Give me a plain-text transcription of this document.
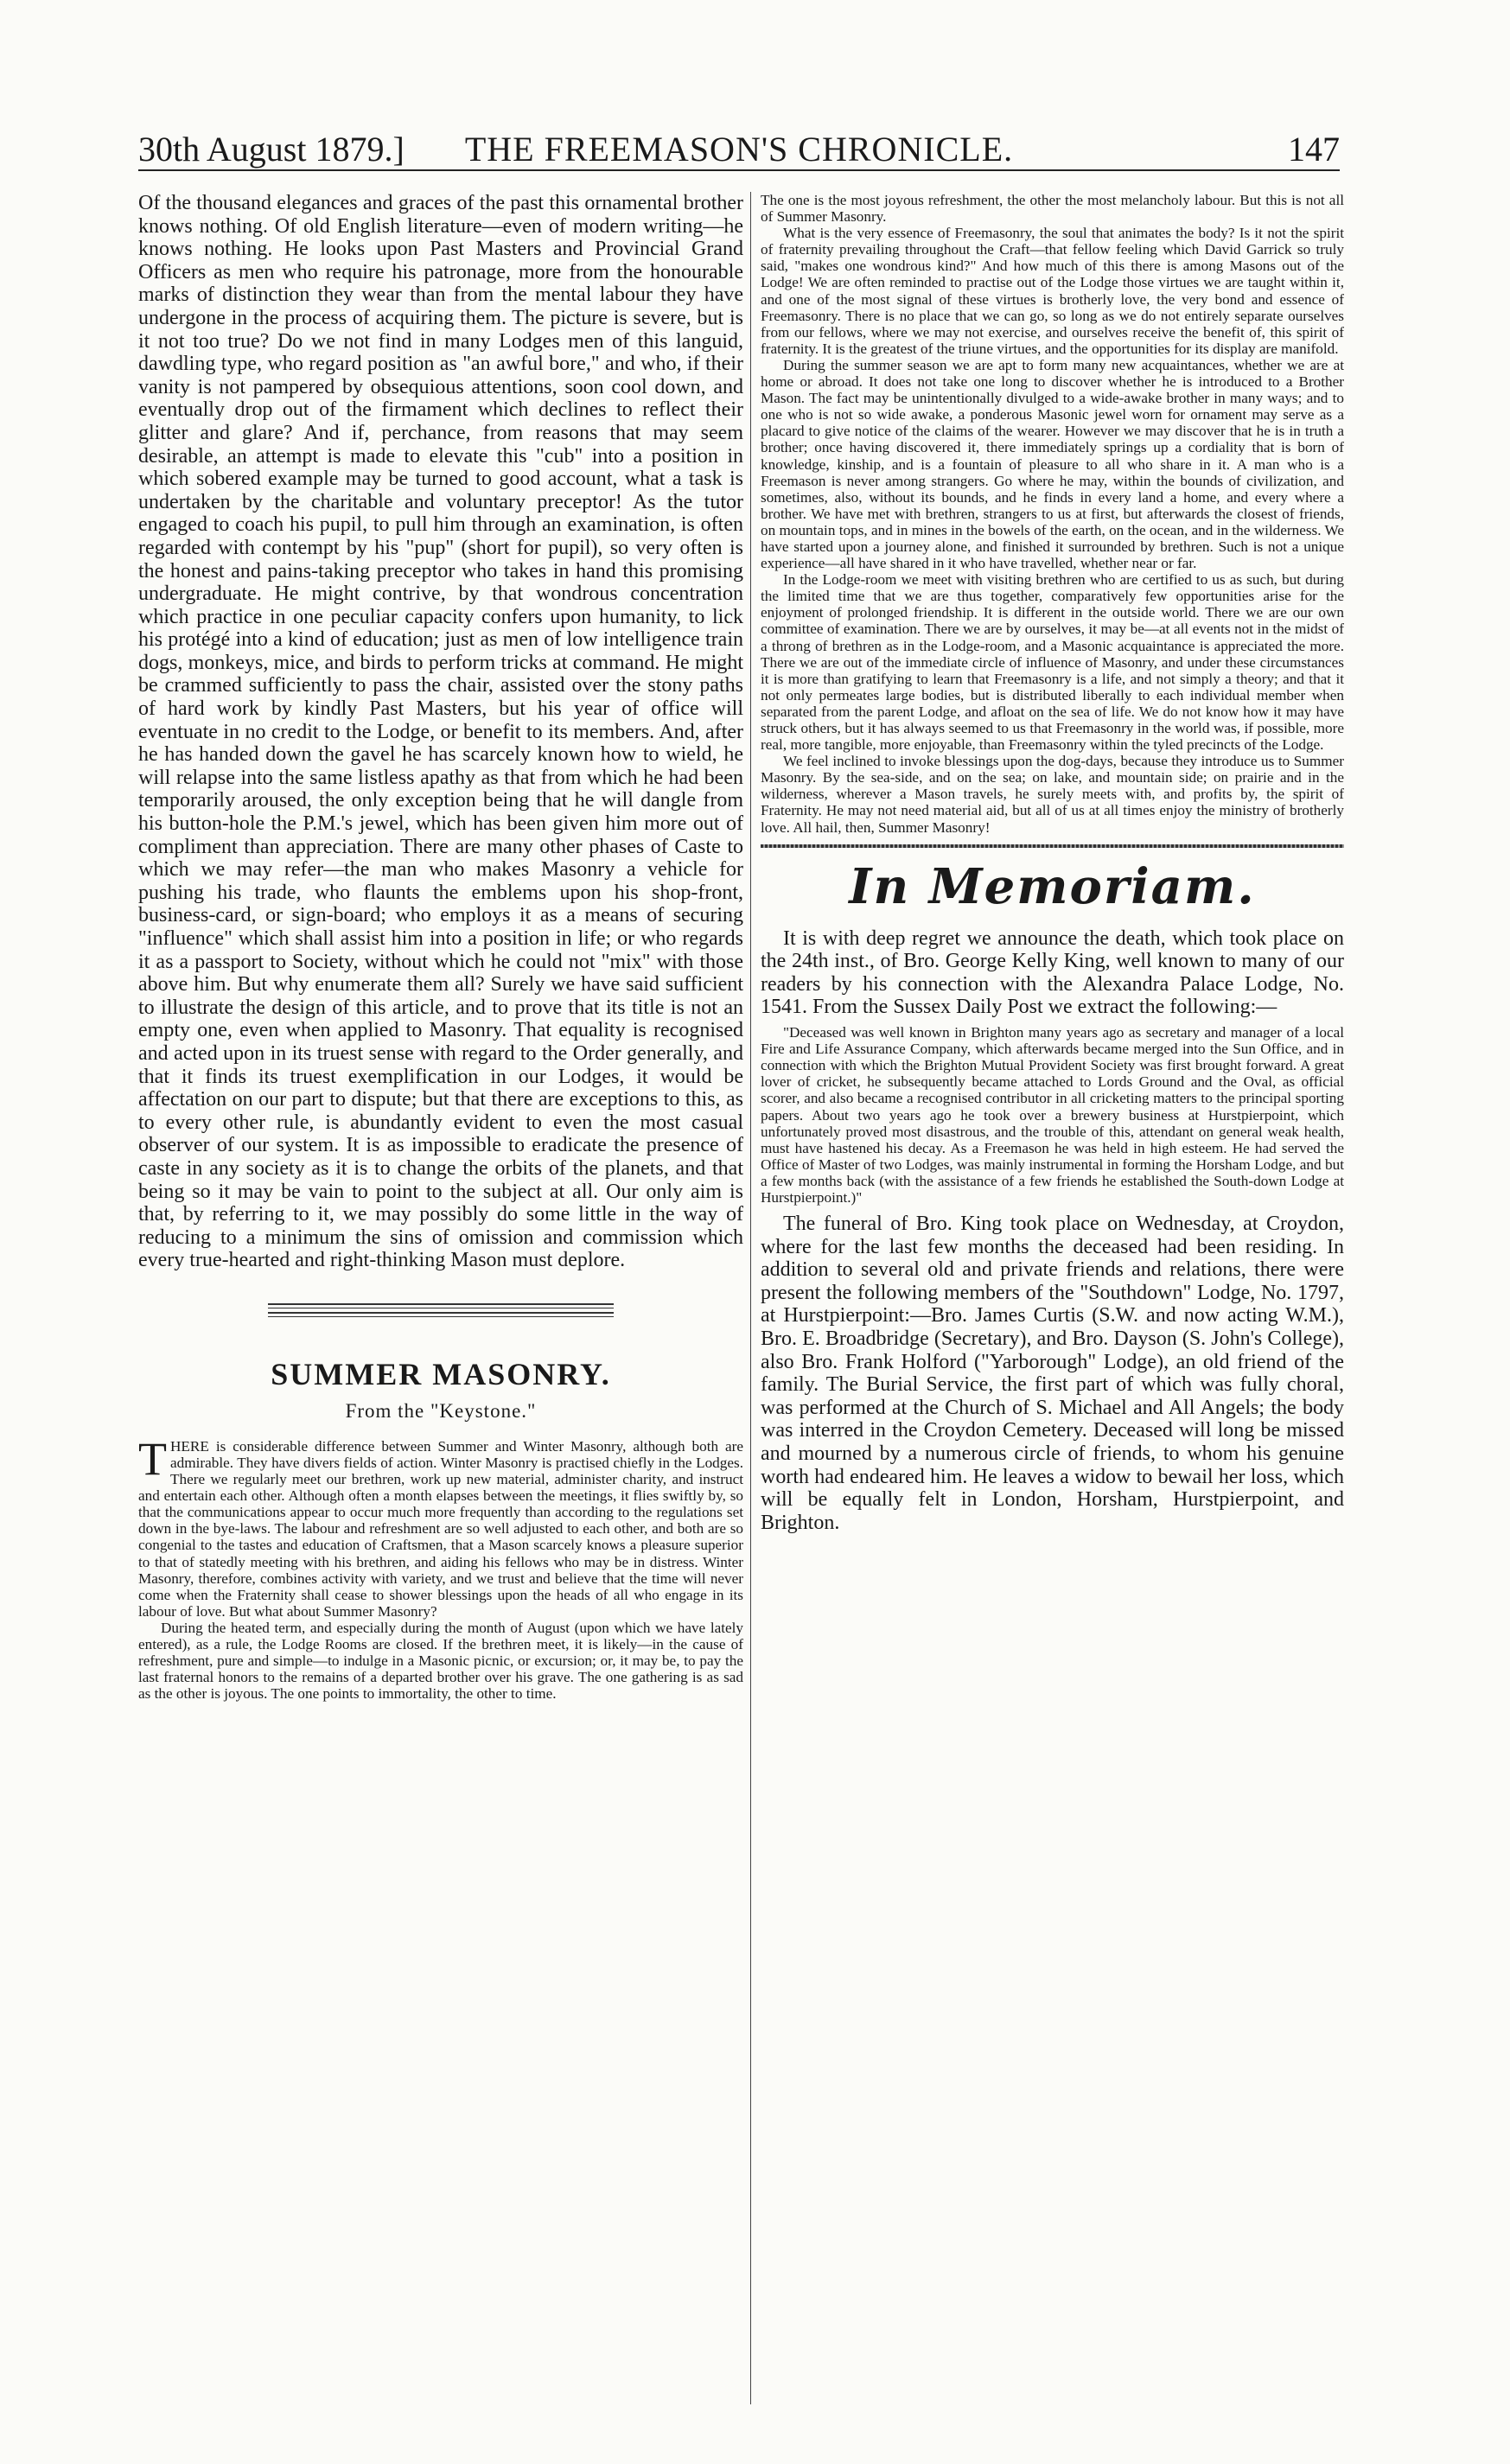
30th August 1879.]	THE FREEMASON'S CHRONICLE.	147

Of the thousand elegances and graces of the past this ornamental brother knows nothing. Of old English literature—even of modern writing—he knows nothing. He looks upon Past Masters and Provincial Grand Officers as men who require his patronage, more from the honourable marks of distinction they wear than from the mental labour they have undergone in the process of acquiring them. The picture is severe, but is it not too true? Do we not find in many Lodges men of this languid, dawdling type, who regard position as "an awful bore," and who, if their vanity is not pampered by obsequious attentions, soon cool down, and eventually drop out of the firmament which declines to reflect their glitter and glare? And if, perchance, from reasons that may seem desirable, an attempt is made to elevate this "cub" into a position in which sobered example may be turned to good account, what a task is undertaken by the charitable and voluntary preceptor! As the tutor engaged to coach his pupil, to pull him through an examination, is often regarded with contempt by his "pup" (short for pupil), so very often is the honest and pains-taking preceptor who takes in hand this promising undergraduate. He might contrive, by that wondrous concentration which practice in one peculiar capacity confers upon humanity, to lick his protégé into a kind of education; just as men of low intelligence train dogs, monkeys, mice, and birds to perform tricks at command. He might be crammed sufficiently to pass the chair, assisted over the stony paths of hard work by kindly Past Masters, but his year of office will eventuate in no credit to the Lodge, or benefit to its members. And, after he has handed down the gavel he has scarcely known how to wield, he will relapse into the same listless apathy as that from which he had been temporarily aroused, the only exception being that he will dangle from his button-hole the P.M.'s jewel, which has been given him more out of compliment than appreciation. There are many other phases of Caste to which we may refer—the man who makes Masonry a vehicle for pushing his trade, who flaunts the emblems upon his shop-front, business-card, or sign-board; who employs it as a means of securing "influence" which shall assist him into a position in life; or who regards it as a passport to Society, without which he could not "mix" with those above him. But why enumerate them all? Surely we have said sufficient to illustrate the design of this article, and to prove that its title is not an empty one, even when applied to Masonry. That equality is recognised and acted upon in its truest sense with regard to the Order generally, and that it finds its truest exemplification in our Lodges, it would be affectation on our part to dispute; but that there are exceptions to this, as to every other rule, is abundantly evident to even the most casual observer of our system. It is as impossible to eradicate the presence of caste in any society as it is to change the orbits of the planets, and that being so it may be vain to point to the subject at all. Our only aim is that, by referring to it, we may possibly do some little in the way of reducing to a minimum the sins of omission and commission which every true-hearted and right-thinking Mason must deplore.

SUMMER MASONRY.
From the "Keystone."

THERE is considerable difference between Summer and Winter Masonry, although both are admirable. They have divers fields of action. Winter Masonry is practised chiefly in the Lodges. There we regularly meet our brethren, work up new material, administer charity, and instruct and entertain each other. Although often a month elapses between the meetings, it flies swiftly by, so that the communications appear to occur much more frequently than according to the regulations set down in the bye-laws. The labour and refreshment are so well adjusted to each other, and both are so congenial to the tastes and education of Craftsmen, that a Mason scarcely knows a pleasure superior to that of statedly meeting with his brethren, and aiding his fellows who may be in distress. Winter Masonry, therefore, combines activity with variety, and we trust and believe that the time will never come when the Fraternity shall cease to shower blessings upon the heads of all who engage in its labour of love. But what about Summer Masonry?

During the heated term, and especially during the month of August (upon which we have lately entered), as a rule, the Lodge Rooms are closed. If the brethren meet, it is likely—in the cause of refreshment, pure and simple—to indulge in a Masonic picnic, or excursion; or, it may be, to pay the last fraternal honors to the remains of a departed brother over his grave. The one gathering is as sad as the other is joyous. The one points to immortality, the other to time.

The one is the most joyous refreshment, the other the most melancholy labour. But this is not all of Summer Masonry.

What is the very essence of Freemasonry, the soul that animates the body? Is it not the spirit of fraternity prevailing throughout the Craft—that fellow feeling which David Garrick so truly said, "makes one wondrous kind?" And how much of this there is among Masons out of the Lodge! We are often reminded to practise out of the Lodge those virtues we are taught within it, and one of the most signal of these virtues is brotherly love, the very bond and essence of Freemasonry. There is no place that we can go, so long as we do not entirely separate ourselves from our fellows, where we may not exercise, and ourselves receive the benefit of, this spirit of fraternity. It is the greatest of the triune virtues, and the opportunities for its display are manifold.

During the summer season we are apt to form many new acquaintances, whether we are at home or abroad. It does not take one long to discover whether he is introduced to a Brother Mason. The fact may be unintentionally divulged to a wide-awake brother in many ways; and to one who is not so wide awake, a ponderous Masonic jewel worn for ornament may serve as a placard to give notice of the claims of the wearer. However we may discover that he is in truth a brother; once having discovered it, there immediately springs up a cordiality that is born of knowledge, kinship, and is a fountain of pleasure to all who share in it. A man who is a Freemason is never among strangers. Go where he may, within the bounds of civilization, and sometimes, also, without its bounds, and he finds in every land a home, and every where a brother. We have met with brethren, strangers to us at first, but afterwards the closest of friends, on mountain tops, and in mines in the bowels of the earth, on the ocean, and in the wilderness. We have started upon a journey alone, and finished it surrounded by brethren. Such is not a unique experience—all have shared in it who have travelled, whether near or far.

In the Lodge-room we meet with visiting brethren who are certified to us as such, but during the limited time that we are thus together, comparatively few opportunities arise for the enjoyment of prolonged friendship. It is different in the outside world. There we are our own committee of examination. There we are by ourselves, it may be—at all events not in the midst of a throng of brethren as in the Lodge-room, and a Masonic acquaintance is appreciated the more. There we are out of the immediate circle of influence of Masonry, and under these circumstances it is more than gratifying to learn that Freemasonry is a life, and not simply a theory; and that it not only permeates large bodies, but is distributed liberally to each individual member when separated from the parent Lodge, and afloat on the sea of life. We do not know how it may have struck others, but it has always seemed to us that Freemasonry in the world was, if possible, more real, more tangible, more enjoyable, than Freemasonry within the tyled precincts of the Lodge.

We feel inclined to invoke blessings upon the dog-days, because they introduce us to Summer Masonry. By the sea-side, and on the sea; on lake, and mountain side; on prairie and in the wilderness, wherever a Mason travels, he surely meets with, and profits by, the spirit of Fraternity. He may not need material aid, but all of us at all times enjoy the ministry of brotherly love. All hail, then, Summer Masonry!

In Memoriam.

It is with deep regret we announce the death, which took place on the 24th inst., of Bro. George Kelly King, well known to many of our readers by his connection with the Alexandra Palace Lodge, No. 1541. From the Sussex Daily Post we extract the following:—

"Deceased was well known in Brighton many years ago as secretary and manager of a local Fire and Life Assurance Company, which afterwards became merged into the Sun Office, and in connection with which the Brighton Mutual Provident Society was first brought forward. A great lover of cricket, he subsequently became attached to Lords Ground and the Oval, as official scorer, and also became a recognised contributor in all cricketing matters to the principal sporting papers. About two years ago he took over a brewery business at Hurstpierpoint, which unfortunately proved most disastrous, and the trouble of this, attendant on general weak health, must have hastened his decay. As a Freemason he was held in high esteem. He had served the Office of Master of two Lodges, was mainly instrumental in forming the Horsham Lodge, and but a few months back (with the assistance of a few friends he established the South-down Lodge at Hurstpierpoint.)"

The funeral of Bro. King took place on Wednesday, at Croydon, where for the last few months the deceased had been residing. In addition to several old and private friends and relations, there were present the following members of the "Southdown" Lodge, No. 1797, at Hurstpierpoint:—Bro. James Curtis (S.W. and now acting W.M.), Bro. E. Broadbridge (Secretary), and Bro. Dayson (S. John's College), also Bro. Frank Holford ("Yarborough" Lodge), an old friend of the family. The Burial Service, the first part of which was fully choral, was performed at the Church of S. Michael and All Angels; the body was interred in the Croydon Cemetery. Deceased will long be missed and mourned by a numerous circle of friends, to whom his genuine worth had endeared him. He leaves a widow to bewail her loss, which will be equally felt in London, Horsham, Hurstpierpoint, and Brighton.
